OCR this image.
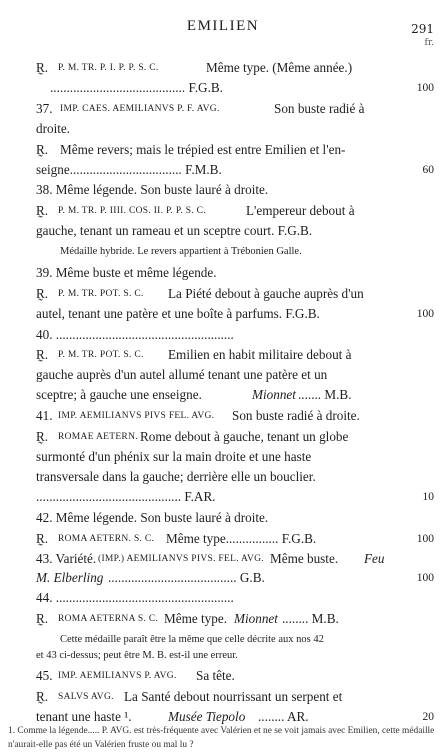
EMILIEN	291
fr.
R̰. P. M. TR. P. I. P. P. S. C.	Même type. (Même année.)
......................................... F.G.B.	100
37. IMP. CAES. AEMILIANVS P. F. AVG.	Son buste radié à
droite.
R̰. Même revers; mais le trépied est entre Emilien et l'en-
seigne.................................. F.M.B.	60
38. Même légende. Son buste lauré à droite.
R̰. P. M. TR. P. IIII. COS. II. P. P. S. C.	L'empereur debout à
gauche, tenant un rameau et un sceptre court. F.G.B.
Médaille hybride. Le revers appartient à Trébonien Galle.
39. Même buste et même légende.
R̰. P. M. TR. POT. S. C. La Piété debout à gauche auprès d'un
autel, tenant une patère et une boîte à parfums. F.G.B.	100
40. ......................................................
R̰. P. M. TR. POT. S. C. Emilien en habit militaire debout à
gauche auprès d'un autel allumé tenant une patère et un
sceptre; à gauche une enseigne.	Mionnet ....... M.B.
41. IMP. AEMILIANVS PIVS FEL. AVG. Son buste radié à droite.
R̰. ROMAE AETERN. Rome debout à gauche, tenant un globe
surmonté d'un phénix sur la main droite et une haste
transversale dans la gauche; derrière elle un bouclier.
............................................ F.AR.	10
42. Même légende. Son buste lauré à droite.
R̰. ROMA AETERN. S. C. Même type................ F.G.B.	100
43. Variété. (IMP.) AEMILIANVS PIVS. FEL. AVG. Même buste. Feu
M. Elberling ....................................... G.B.	100
44. ......................................................
R̰. ROMA AETERNA S. C. Même type. Mionnet ........ M.B.
Cette médaille paraît être la même que celle décrite aux nos 42
et 43 ci-dessus; peut être M. B. est-il une erreur.
45. IMP. AEMILIANVS P. AVG. Sa tête.
R̰. SALVS AVG. La Santé debout nourrissant un serpent et
tenant une haste ¹.	Musée Tiepolo ........ AR.	20
1. Comme la légende..... P. AVG. est très-fréquente avec Valérien et ne se voit jamais avec Emilien, cette médaille n'aurait-elle pas été un Valérien fruste ou mal lu ?
